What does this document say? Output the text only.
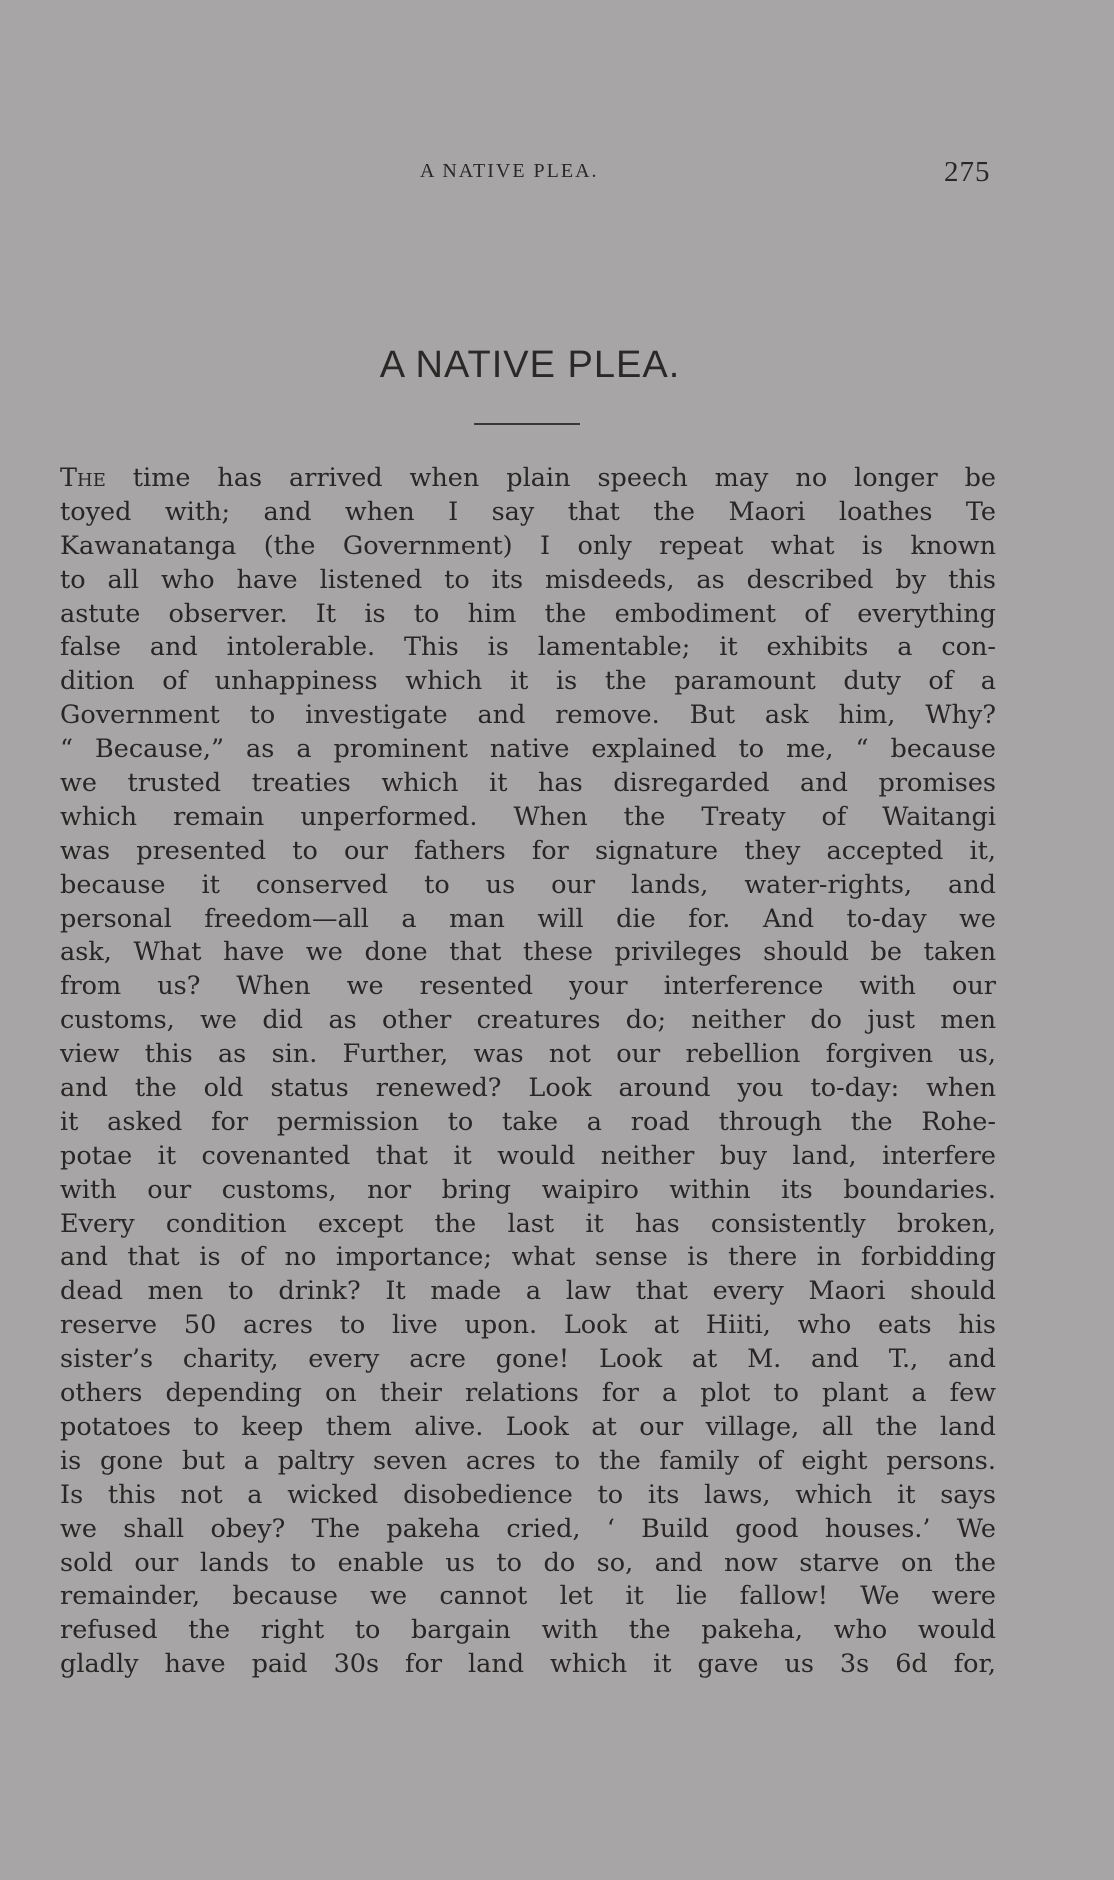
A NATIVE PLEA.	275
A NATIVE PLEA.
The time has arrived when plain speech may no longer be
toyed with; and when I say that the Maori loathes Te
Kawanatanga (the Government) I only repeat what is known
to all who have listened to its misdeeds, as described by this
astute observer. It is to him the embodiment of everything
false and intolerable. This is lamentable; it exhibits a con-
dition of unhappiness which it is the paramount duty of a
Government to investigate and remove. But ask him, Why?
“ Because,” as a prominent native explained to me, “ because
we trusted treaties which it has disregarded and promises
which remain unperformed. When the Treaty of Waitangi
was presented to our fathers for signature they accepted it,
because it conserved to us our lands, water-rights, and
personal freedom—all a man will die for. And to-day we
ask, What have we done that these privileges should be taken
from us? When we resented your interference with our
customs, we did as other creatures do; neither do just men
view this as sin. Further, was not our rebellion forgiven us,
and the old status renewed? Look around you to-day: when
it asked for permission to take a road through the Rohe-
potae it covenanted that it would neither buy land, interfere
with our customs, nor bring waipiro within its boundaries.
Every condition except the last it has consistently broken,
and that is of no importance; what sense is there in forbidding
dead men to drink? It made a law that every Maori should
reserve 50 acres to live upon. Look at Hiiti, who eats his
sister’s charity, every acre gone! Look at M. and T., and
others depending on their relations for a plot to plant a few
potatoes to keep them alive. Look at our village, all the land
is gone but a paltry seven acres to the family of eight persons.
Is this not a wicked disobedience to its laws, which it says
we shall obey? The pakeha cried, ‘ Build good houses.’ We
sold our lands to enable us to do so, and now starve on the
remainder, because we cannot let it lie fallow! We were
refused the right to bargain with the pakeha, who would
gladly have paid 30s for land which it gave us 3s 6d for,
